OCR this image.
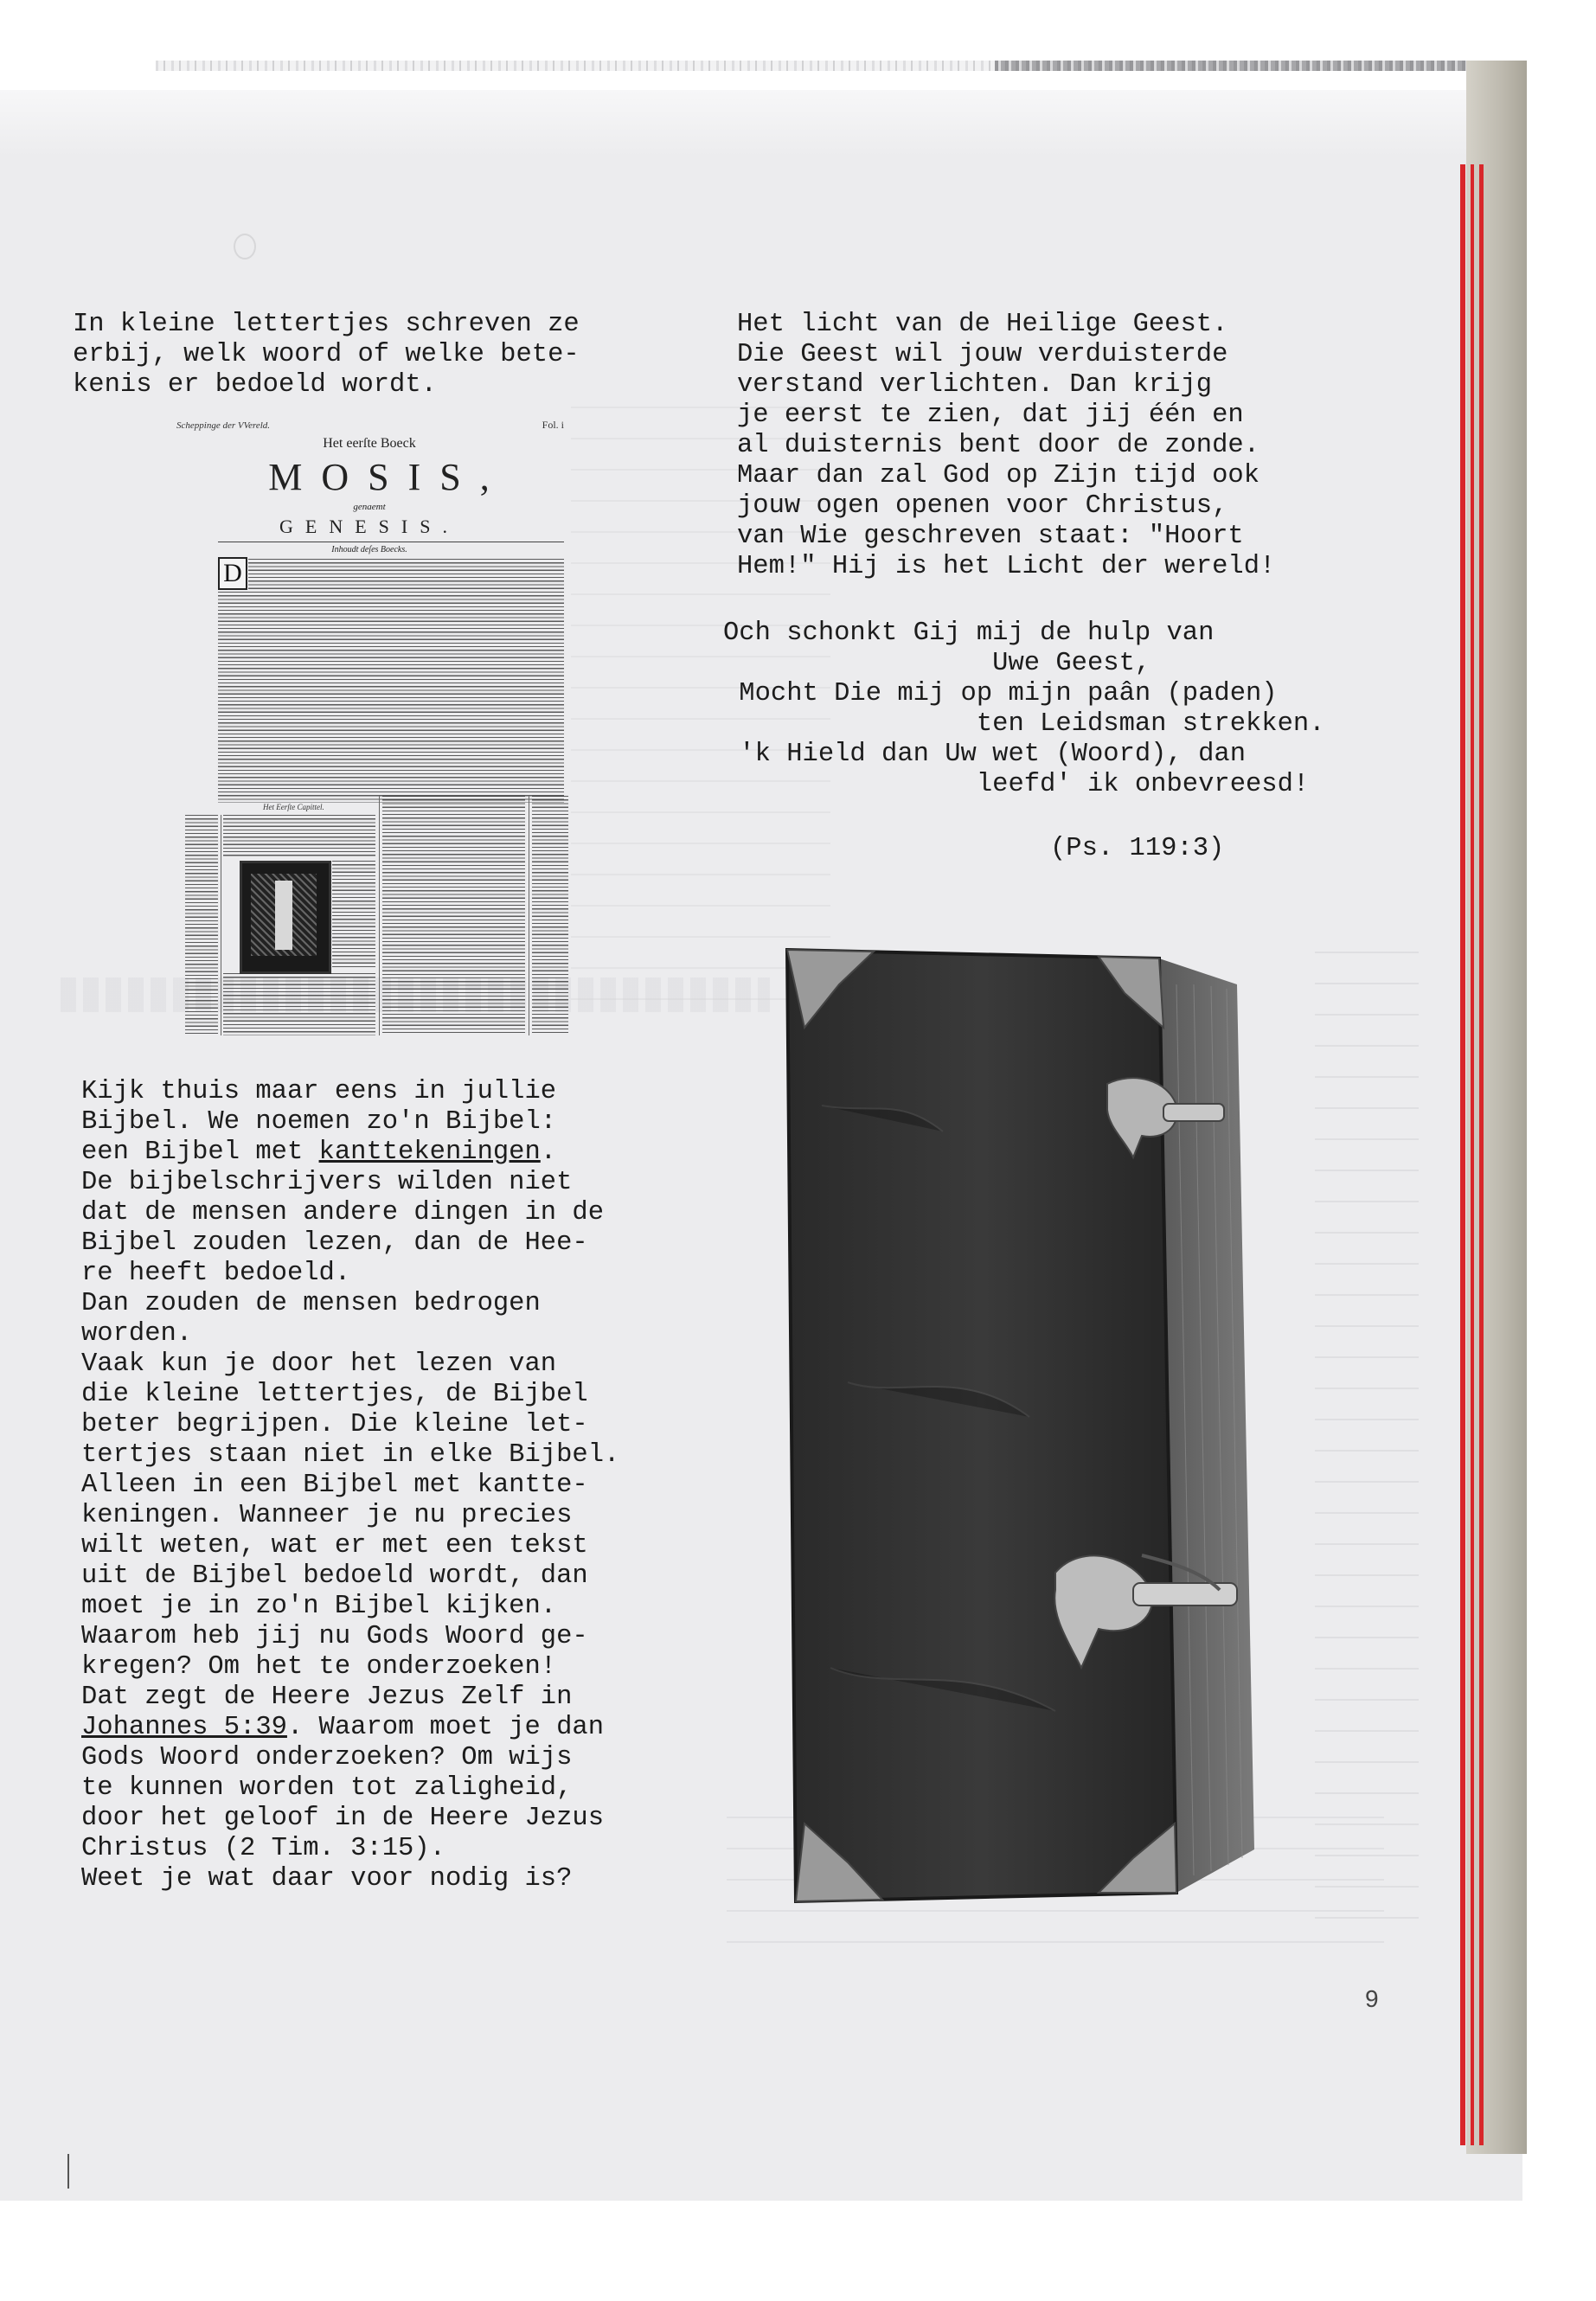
In kleine lettertjes schreven ze
erbij, welk woord of welke bete-
kenis er bedoeld wordt.
Scheppinge der VVereld.	Fol. i
Het eerſte Boeck
MOSIS,
genaemt
GENESIS.
Inhoudt deſes Boecks.
D
Het Eerſte Capittel.
Kijk thuis maar eens in jullie
Bijbel. We noemen zo'n Bijbel:
een Bijbel met kanttekeningen.
De bijbelschrijvers wilden niet
dat de mensen andere dingen in de
Bijbel zouden lezen, dan de Hee-
re heeft bedoeld.
Dan zouden de mensen bedrogen
worden.
Vaak kun je door het lezen van
die kleine lettertjes, de Bijbel
beter begrijpen. Die kleine let-
tertjes staan niet in elke Bijbel.
Alleen in een Bijbel met kantte-
keningen. Wanneer je nu precies
wilt weten, wat er met een tekst
uit de Bijbel bedoeld wordt, dan
moet je in zo'n Bijbel kijken.
Waarom heb jij nu Gods Woord ge-
kregen? Om het te onderzoeken!
Dat zegt de Heere Jezus Zelf in
Johannes 5:39. Waarom moet je dan
Gods Woord onderzoeken? Om wijs
te kunnen worden tot zaligheid,
door het geloof in de Heere Jezus
Christus (2 Tim. 3:15).
Weet je wat daar voor nodig is?
Het licht van de Heilige Geest.
Die Geest wil jouw verduisterde
verstand verlichten. Dan krijg
je eerst te zien, dat jij één en
al duisternis bent door de zonde.
Maar dan zal God op Zijn tijd ook
jouw ogen openen voor Christus,
van Wie geschreven staat: "Hoort
Hem!" Hij is het Licht der wereld!
Och schonkt Gij mij de hulp van
Uwe Geest,
Mocht Die mij op mijn paân (paden)
ten Leidsman strekken.
'k Hield dan Uw wet (Woord), dan
leefd' ik onbevreesd!
(Ps. 119:3)
9
